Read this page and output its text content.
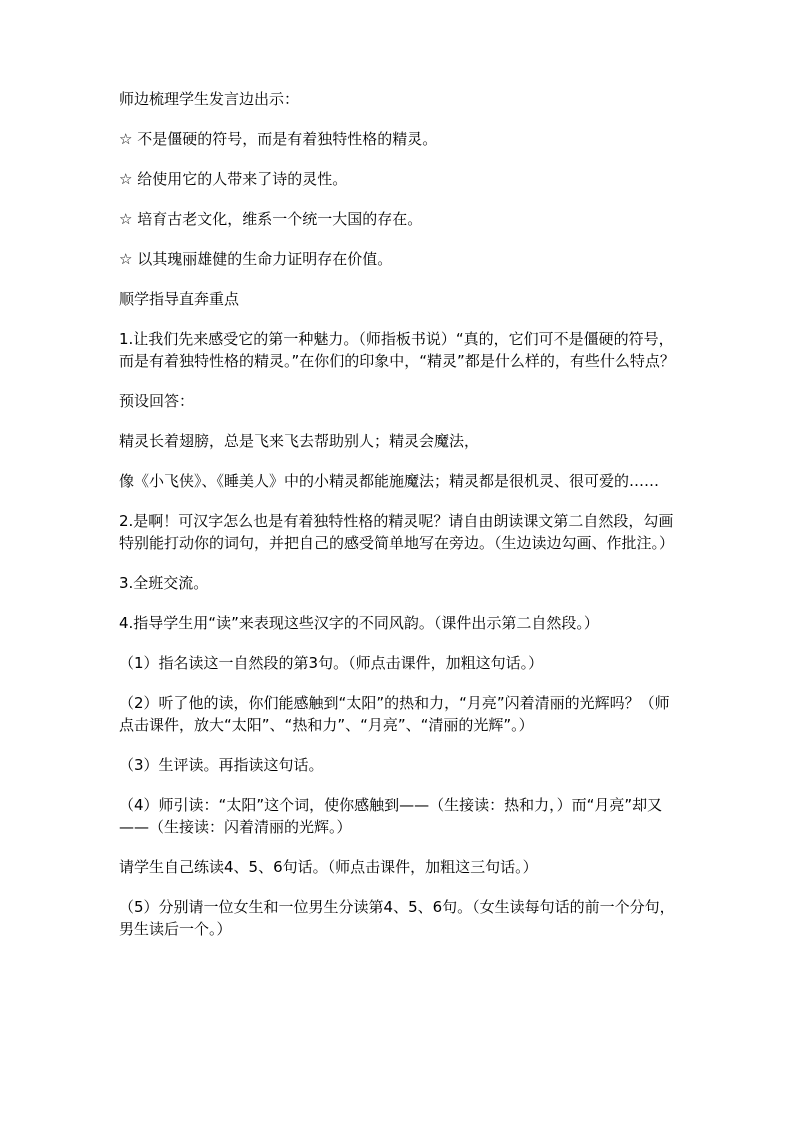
师边梳理学生发言边出示：

☆ 不是僵硬的符号，而是有着独特性格的精灵。

☆ 给使用它的人带来了诗的灵性。

☆ 培育古老文化，维系一个统一大国的存在。

☆ 以其瑰丽雄健的生命力证明存在价值。

顺学指导直奔重点

1.让我们先来感受它的第一种魅力。（师指板书说）“真的，它们可不是僵硬的符号，而是有着独特性格的精灵。”在你们的印象中，“精灵”都是什么样的，有些什么特点？

预设回答：

精灵长着翅膀，总是飞来飞去帮助别人；精灵会魔法，

像《小飞侠》、《睡美人》中的小精灵都能施魔法；精灵都是很机灵、很可爱的……

2.是啊！可汉字怎么也是有着独特性格的精灵呢？请自由朗读课文第二自然段，勾画特别能打动你的词句，并把自己的感受简单地写在旁边。（生边读边勾画、作批注。）

3.全班交流。

4.指导学生用“读”来表现这些汉字的不同风韵。（课件出示第二自然段。）

（1）指名读这一自然段的第3句。（师点击课件，加粗这句话。）

（2）听了他的读，你们能感触到“太阳”的热和力，“月亮”闪着清丽的光辉吗？（师点击课件，放大“太阳”、“热和力”、“月亮”、“清丽的光辉”。）

（3）生评读。再指读这句话。

（4）师引读：“太阳”这个词，使你感触到——（生接读：热和力，）而“月亮”却又——（生接读：闪着清丽的光辉。）

请学生自己练读4、5、6句话。（师点击课件，加粗这三句话。）

（5）分别请一位女生和一位男生分读第4、5、6句。（女生读每句话的前一个分句，男生读后一个。）
